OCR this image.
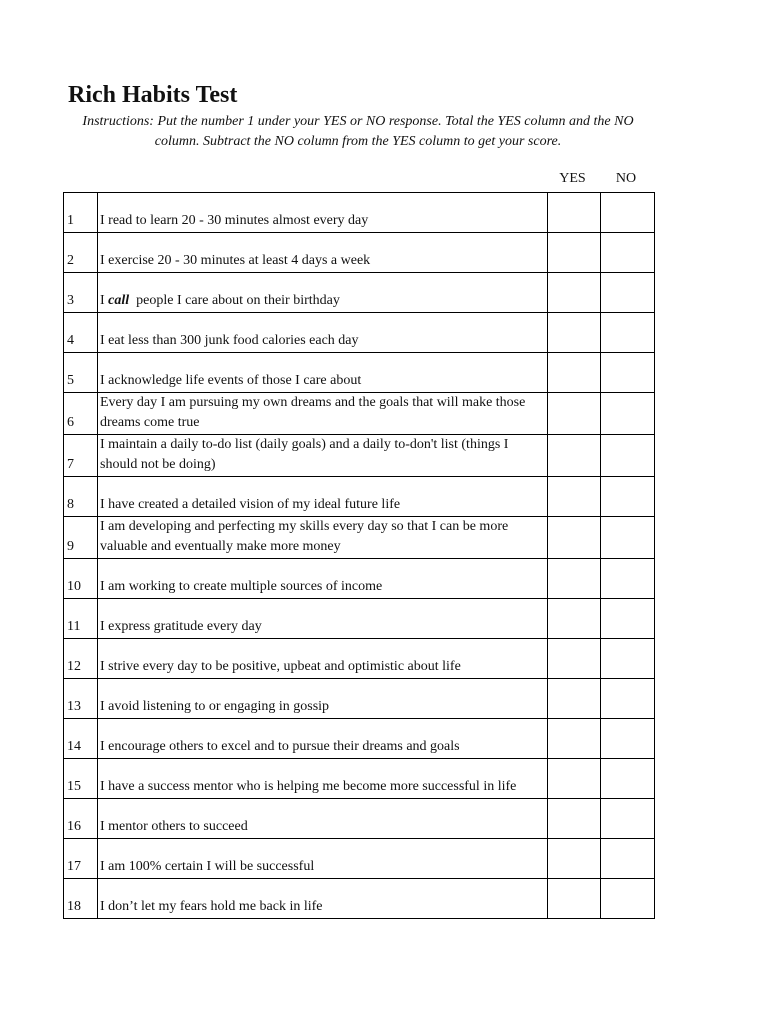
Rich Habits Test

Instructions: Put the number 1 under your YES or NO response. Total the YES column and the NO column. Subtract the NO column from the YES column to get your score.

YES	NO
1	I read to learn 20 - 30 minutes almost every day		
2	I exercise 20 - 30 minutes at least 4 days a week		
3	I call  people I care about on their birthday		
4	I eat less than 300 junk food calories each day		
5	I acknowledge life events of those I care about		
6	Every day I am pursuing my own dreams and the goals that will make those dreams come true		
7	I maintain a daily to-do list (daily goals) and a daily to-don't list (things I should not be doing)		
8	I have created a detailed vision of my ideal future life		
9	I am developing and perfecting my skills every day so that I can be more valuable and eventually make more money		
10	I am working to create multiple sources of income		
11	I express gratitude every day		
12	I strive every day to be positive, upbeat and optimistic about life		
13	I avoid listening to or engaging in gossip		
14	I encourage others to excel and to pursue their dreams and goals		
15	I have a success mentor who is helping me become more successful in life		
16	I mentor others to succeed		
17	I am 100% certain I will be successful		
18	I don’t let my fears hold me back in life		
